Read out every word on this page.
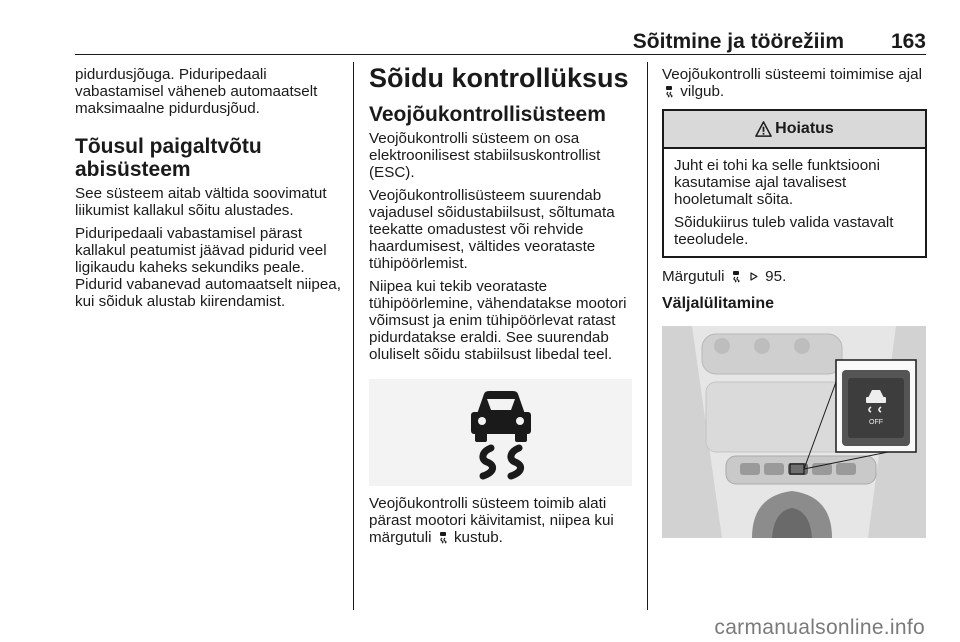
Sõitmine ja töörežiim 163

pidurdusjõuga. Piduripedaali vabastamisel väheneb automaatselt maksimaalne pidurdusjõud.

Tõusul paigaltvõtu abisüsteem

See süsteem aitab vältida soovimatut liikumist kallakul sõitu alustades.

Piduripedaali vabastamisel pärast kallakul peatumist jäävad pidurid veel ligikaudu kaheks sekundiks peale. Pidurid vabanevad automaatselt niipea, kui sõiduk alustab kiirendamist.

Sõidu kontrollüksus
Veojõukontrollisüsteem

Veojõukontrolli süsteem on osa elektroonilisest stabiilsuskontrollist (ESC).

Veojõukontrollisüsteem suurendab vajadusel sõidustabiilsust, sõltumata teekatte omadustest või rehvide haardumisest, vältides veorataste tühipöörlemist.

Niipea kui tekib veorataste tühipöörlemine, vähendatakse mootori võimsust ja enim tühipöörlevat ratast pidurdatakse eraldi. See suurendab oluliselt sõidu stabiilsust libedal teel.

Veojõukontrolli süsteem toimib alati pärast mootori käivitamist, niipea kui märgutuli kustub.

Veojõukontrolli süsteemi toimimise ajal  vilgub.

Hoiatus

Juht ei tohi ka selle funktsiooni kasutamise ajal tavalisest hooletumalt sõita.

Sõidukiirus tuleb valida vastavalt teeoludele.

Märgutuli	95.

Väljalülitamine
OFF
carmanualsonline.info
